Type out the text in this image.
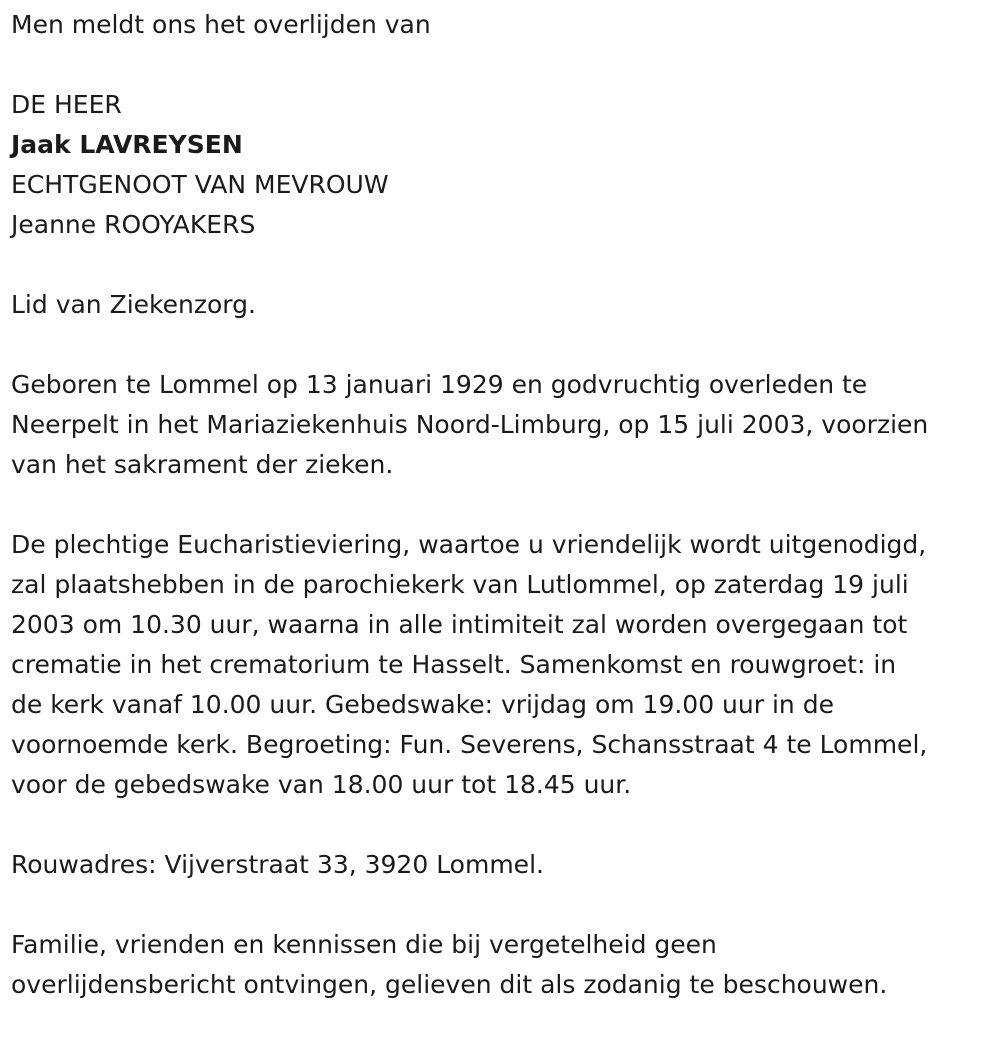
Men meldt ons het overlijden van
DE HEER
Jaak LAVREYSEN
ECHTGENOOT VAN MEVROUW
Jeanne ROOYAKERS
Lid van Ziekenzorg.
Geboren te Lommel op 13 januari 1929 en godvruchtig overleden te
Neerpelt in het Mariaziekenhuis Noord-Limburg, op 15 juli 2003, voorzien
van het sakrament der zieken.
De plechtige Eucharistieviering, waartoe u vriendelijk wordt uitgenodigd,
zal plaatshebben in de parochiekerk van Lutlommel, op zaterdag 19 juli
2003 om 10.30 uur, waarna in alle intimiteit zal worden overgegaan tot
crematie in het crematorium te Hasselt. Samenkomst en rouwgroet: in
de kerk vanaf 10.00 uur. Gebedswake: vrijdag om 19.00 uur in de
voornoemde kerk. Begroeting: Fun. Severens, Schansstraat 4 te Lommel,
voor de gebedswake van 18.00 uur tot 18.45 uur.
Rouwadres: Vijverstraat 33, 3920 Lommel.
Familie, vrienden en kennissen die bij vergetelheid geen
overlijdensbericht ontvingen, gelieven dit als zodanig te beschouwen.
